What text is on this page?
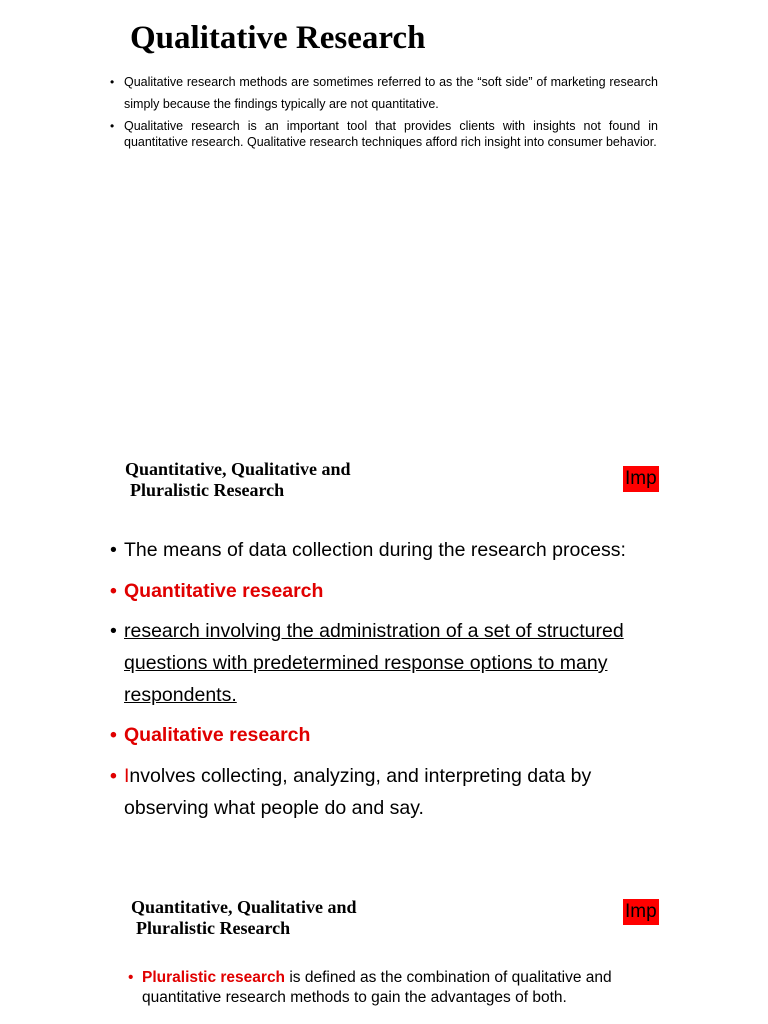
Qualitative Research
• Qualitative research methods are sometimes referred to as the “soft side” of marketing research simply because the findings typically are not quantitative.
• Qualitative research is an important tool that provides clients with insights not found in quantitative research. Qualitative research techniques afford rich insight into consumer behavior.
Quantitative, Qualitative and
Pluralistic Research
Imp
• The means of data collection during the research process:
• Quantitative research
• research involving the administration of a set of structured questions with predetermined response options to many respondents.
• Qualitative research
• Involves collecting, analyzing, and interpreting data by observing what people do and say.
Quantitative, Qualitative and
Pluralistic Research
Imp
• Pluralistic research is defined as the combination of qualitative and quantitative research methods to gain the advantages of both.
